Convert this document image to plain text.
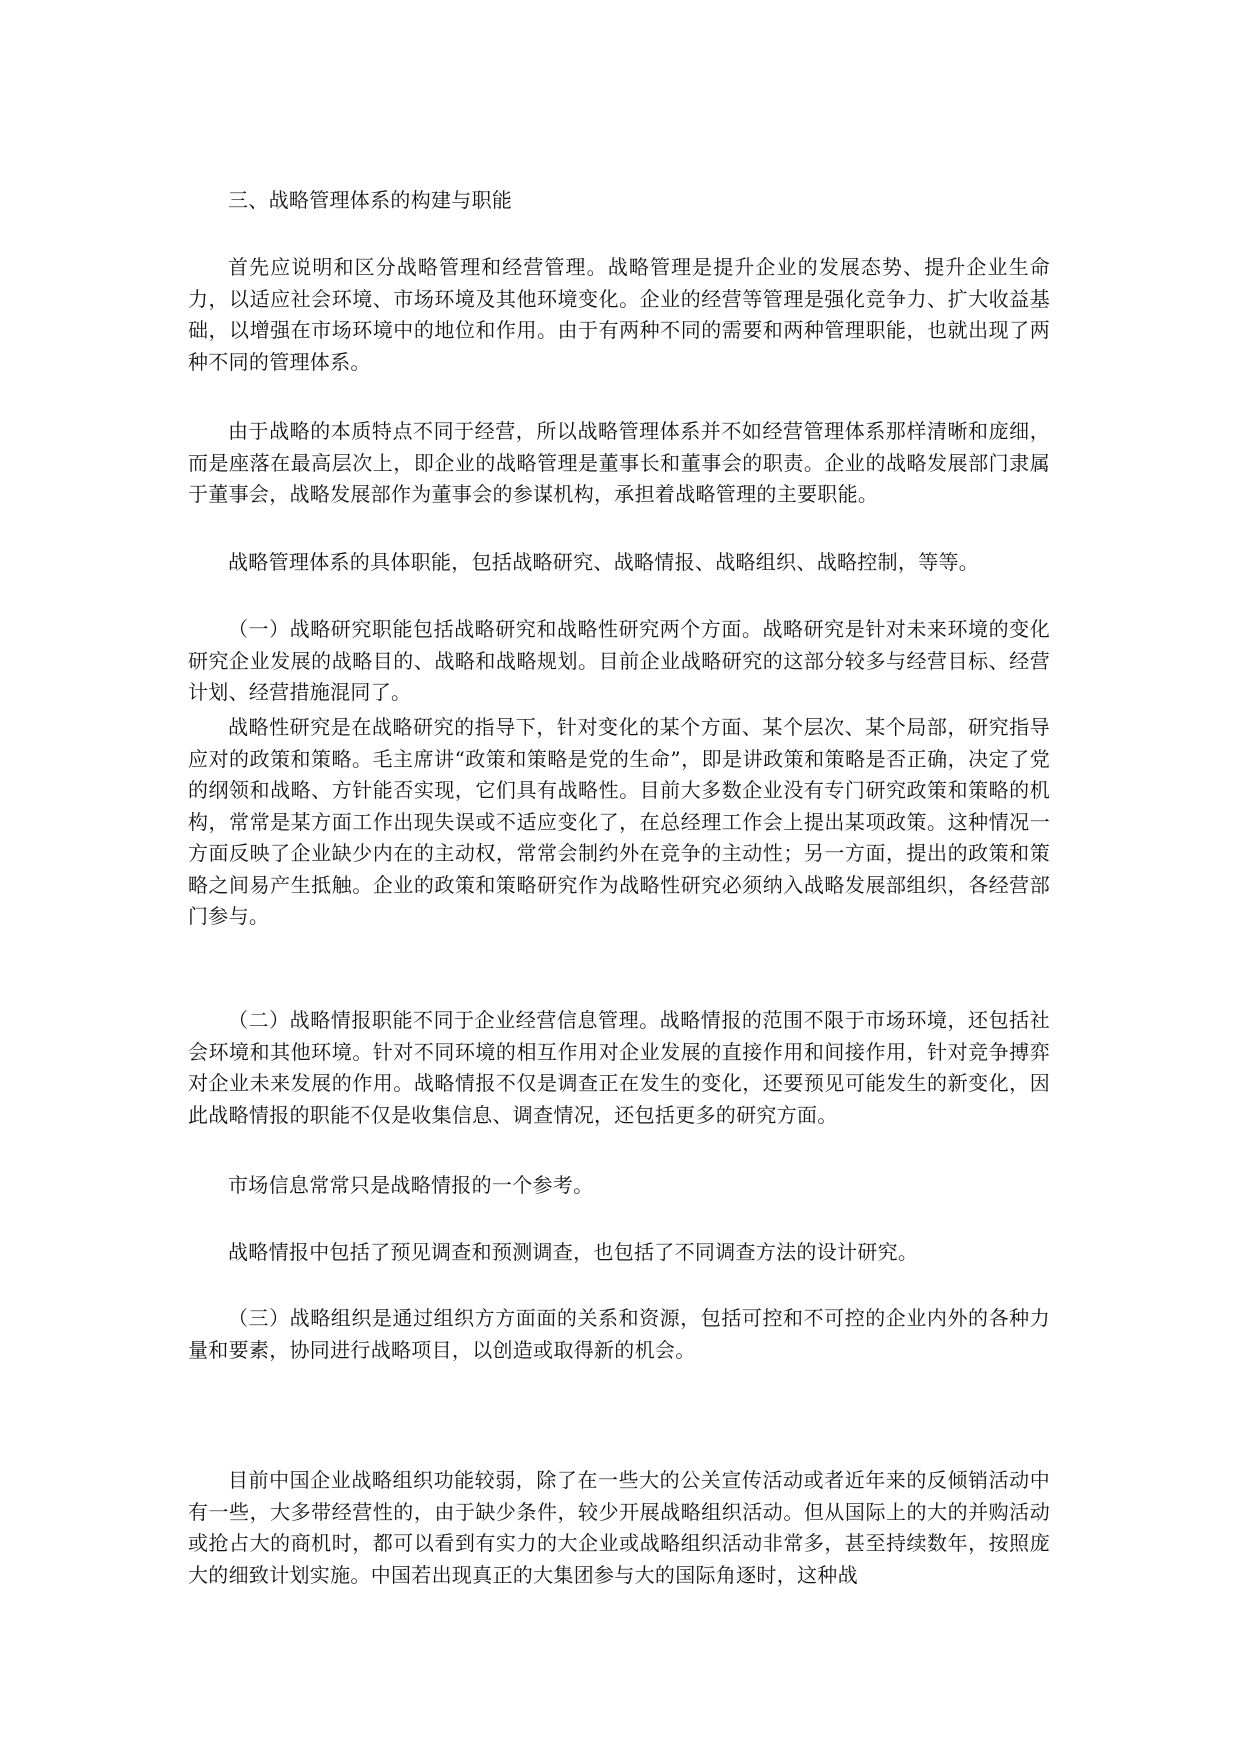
三、战略管理体系的构建与职能

首先应说明和区分战略管理和经营管理。战略管理是提升企业的发展态势、提升企业生命力，以适应社会环境、市场环境及其他环境变化。企业的经营等管理是强化竞争力、扩大收益基础，以增强在市场环境中的地位和作用。由于有两种不同的需要和两种管理职能，也就出现了两种不同的管理体系。

由于战略的本质特点不同于经营，所以战略管理体系并不如经营管理体系那样清晰和庞细，而是座落在最高层次上，即企业的战略管理是董事长和董事会的职责。企业的战略发展部门隶属于董事会，战略发展部作为董事会的参谋机构，承担着战略管理的主要职能。

战略管理体系的具体职能，包括战略研究、战略情报、战略组织、战略控制，等等。

（一）战略研究职能包括战略研究和战略性研究两个方面。战略研究是针对未来环境的变化研究企业发展的战略目的、战略和战略规划。目前企业战略研究的这部分较多与经营目标、经营计划、经营措施混同了。

战略性研究是在战略研究的指导下，针对变化的某个方面、某个层次、某个局部，研究指导应对的政策和策略。毛主席讲“政策和策略是党的生命”，即是讲政策和策略是否正确，决定了党的纲领和战略、方针能否实现，它们具有战略性。目前大多数企业没有专门研究政策和策略的机构，常常是某方面工作出现失误或不适应变化了，在总经理工作会上提出某项政策。这种情况一方面反映了企业缺少内在的主动权，常常会制约外在竞争的主动性；另一方面，提出的政策和策略之间易产生抵触。企业的政策和策略研究作为战略性研究必须纳入战略发展部组织，各经营部门参与。

（二）战略情报职能不同于企业经营信息管理。战略情报的范围不限于市场环境，还包括社会环境和其他环境。针对不同环境的相互作用对企业发展的直接作用和间接作用，针对竞争搏弈对企业未来发展的作用。战略情报不仅是调查正在发生的变化，还要预见可能发生的新变化，因此战略情报的职能不仅是收集信息、调查情况，还包括更多的研究方面。

市场信息常常只是战略情报的一个参考。

战略情报中包括了预见调查和预测调查，也包括了不同调查方法的设计研究。

（三）战略组织是通过组织方方面面的关系和资源，包括可控和不可控的企业内外的各种力量和要素，协同进行战略项目，以创造或取得新的机会。

目前中国企业战略组织功能较弱，除了在一些大的公关宣传活动或者近年来的反倾销活动中有一些，大多带经营性的，由于缺少条件，较少开展战略组织活动。但从国际上的大的并购活动或抢占大的商机时，都可以看到有实力的大企业或战略组织活动非常多，甚至持续数年，按照庞大的细致计划实施。中国若出现真正的大集团参与大的国际角逐时，这种战
